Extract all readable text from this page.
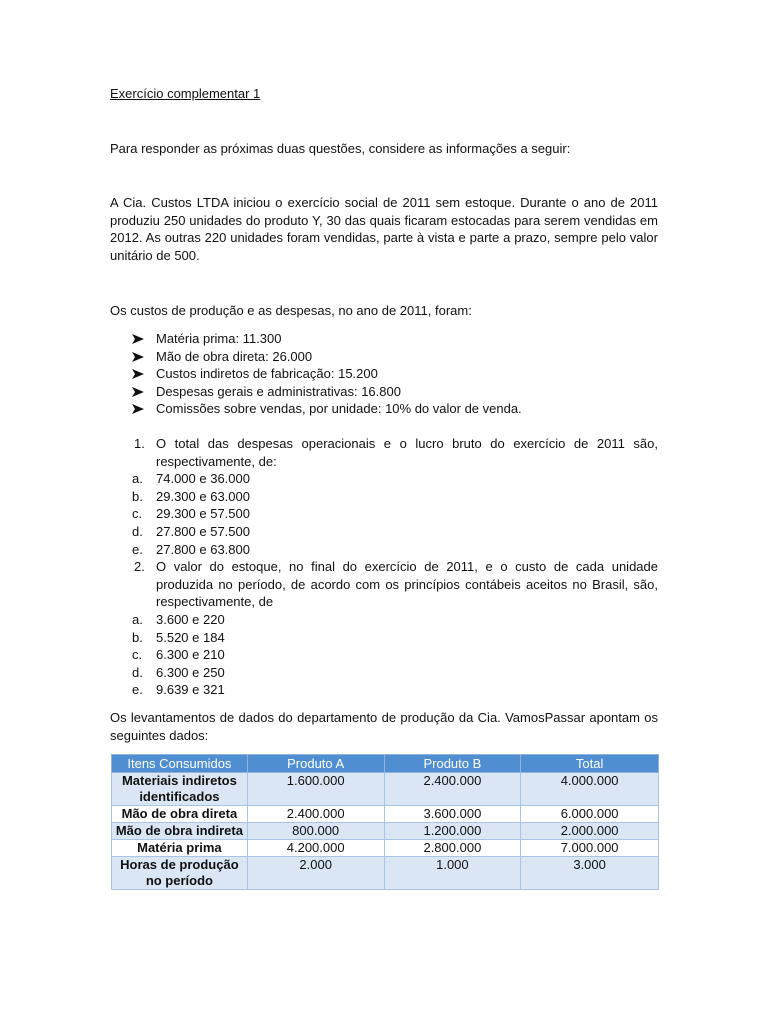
Exercício complementar 1
Para responder as próximas duas questões, considere as informações a seguir:
A Cia. Custos LTDA iniciou o exercício social de 2011 sem estoque. Durante o ano de 2011 produziu 250 unidades do produto Y, 30 das quais ficaram estocadas para serem vendidas em 2012. As outras 220 unidades foram vendidas, parte à vista e parte a prazo, sempre pelo valor unitário de 500.
Os custos de produção e as despesas, no ano de 2011, foram:
Matéria prima: 11.300
Mão de obra direta: 26.000
Custos indiretos de fabricação: 15.200
Despesas gerais e administrativas: 16.800
Comissões sobre vendas, por unidade: 10% do valor de venda.
1. O total das despesas operacionais e o lucro bruto do exercício de 2011 são, respectivamente, de:
a. 74.000 e 36.000
b. 29.300 e 63.000
c. 29.300 e 57.500
d. 27.800 e 57.500
e. 27.800 e 63.800
2. O valor do estoque, no final do exercício de 2011, e o custo de cada unidade produzida no período, de acordo com os princípios contábeis aceitos no Brasil, são, respectivamente, de
a. 3.600 e 220
b. 5.520 e 184
c. 6.300 e 210
d. 6.300 e 250
e. 9.639 e 321
Os levantamentos de dados do departamento de produção da Cia. VamosPassar apontam os seguintes dados:
Itens Consumidos	Produto A	Produto B	Total
Materiais indiretos identificados	1.600.000	2.400.000	4.000.000
Mão de obra direta	2.400.000	3.600.000	6.000.000
Mão de obra indireta	800.000	1.200.000	2.000.000
Matéria prima	4.200.000	2.800.000	7.000.000
Horas de produção no período	2.000	1.000	3.000
